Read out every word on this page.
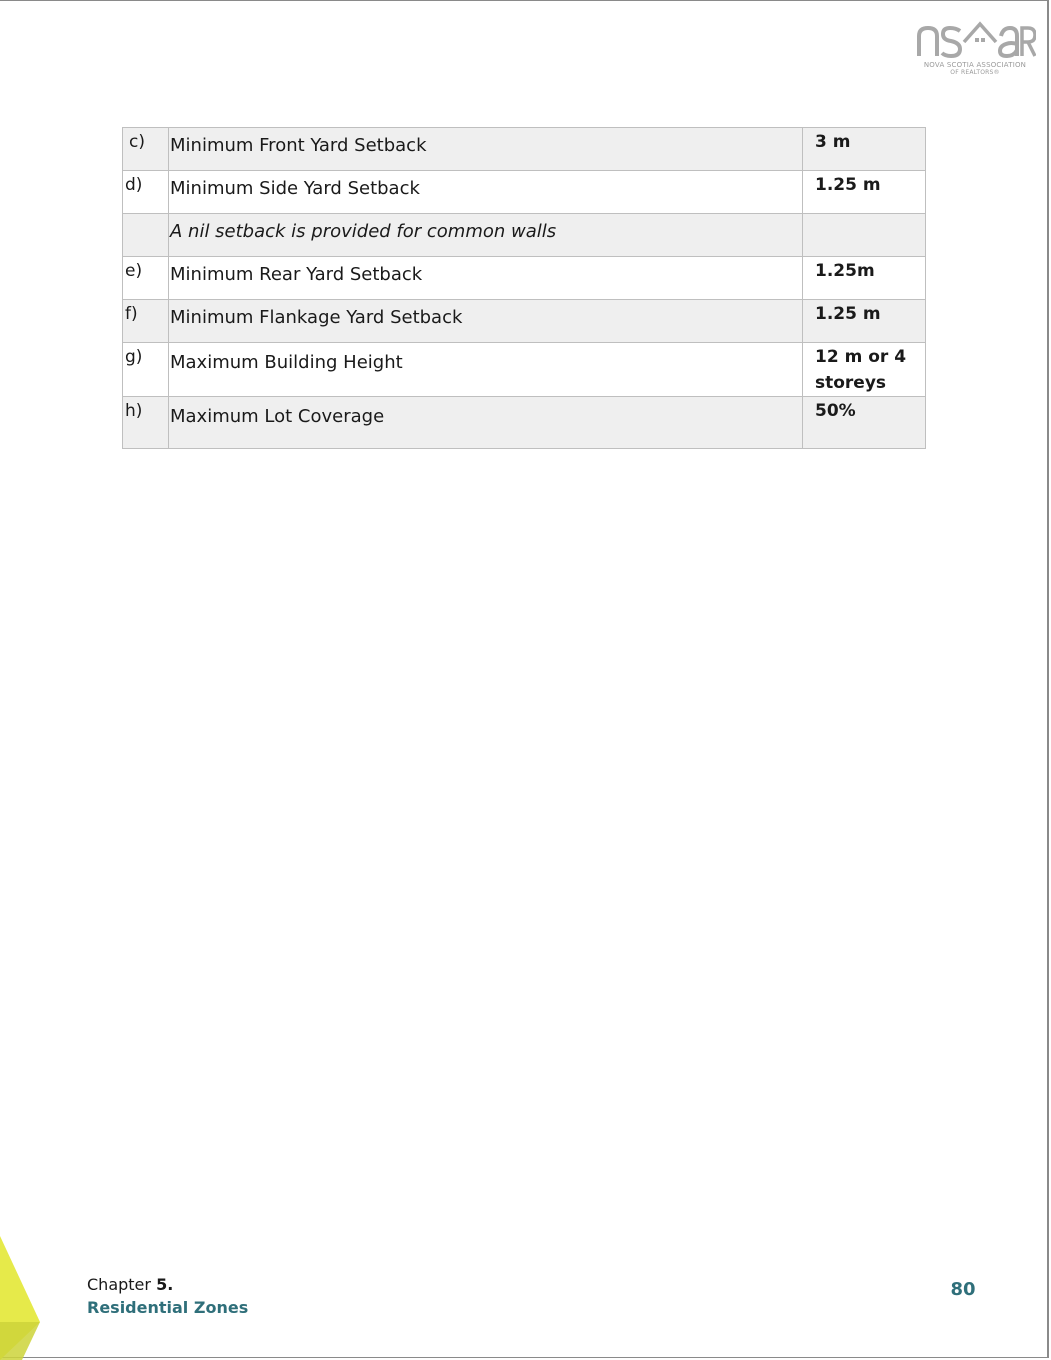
NOVA SCOTIA ASSOCIATION
OF REALTORS®
c)	Minimum Front Yard Setback	3 m

d)	Minimum Side Yard Setback	1.25 m

	A nil setback is provided for common walls	

e)	Minimum Rear Yard Setback	1.25m

f)	Minimum Flankage Yard Setback	1.25 m

g)	Maximum Building Height	12 m or 4 storeys

h)	Maximum Lot Coverage	50%
Chapter 5.
Residential Zones
80
